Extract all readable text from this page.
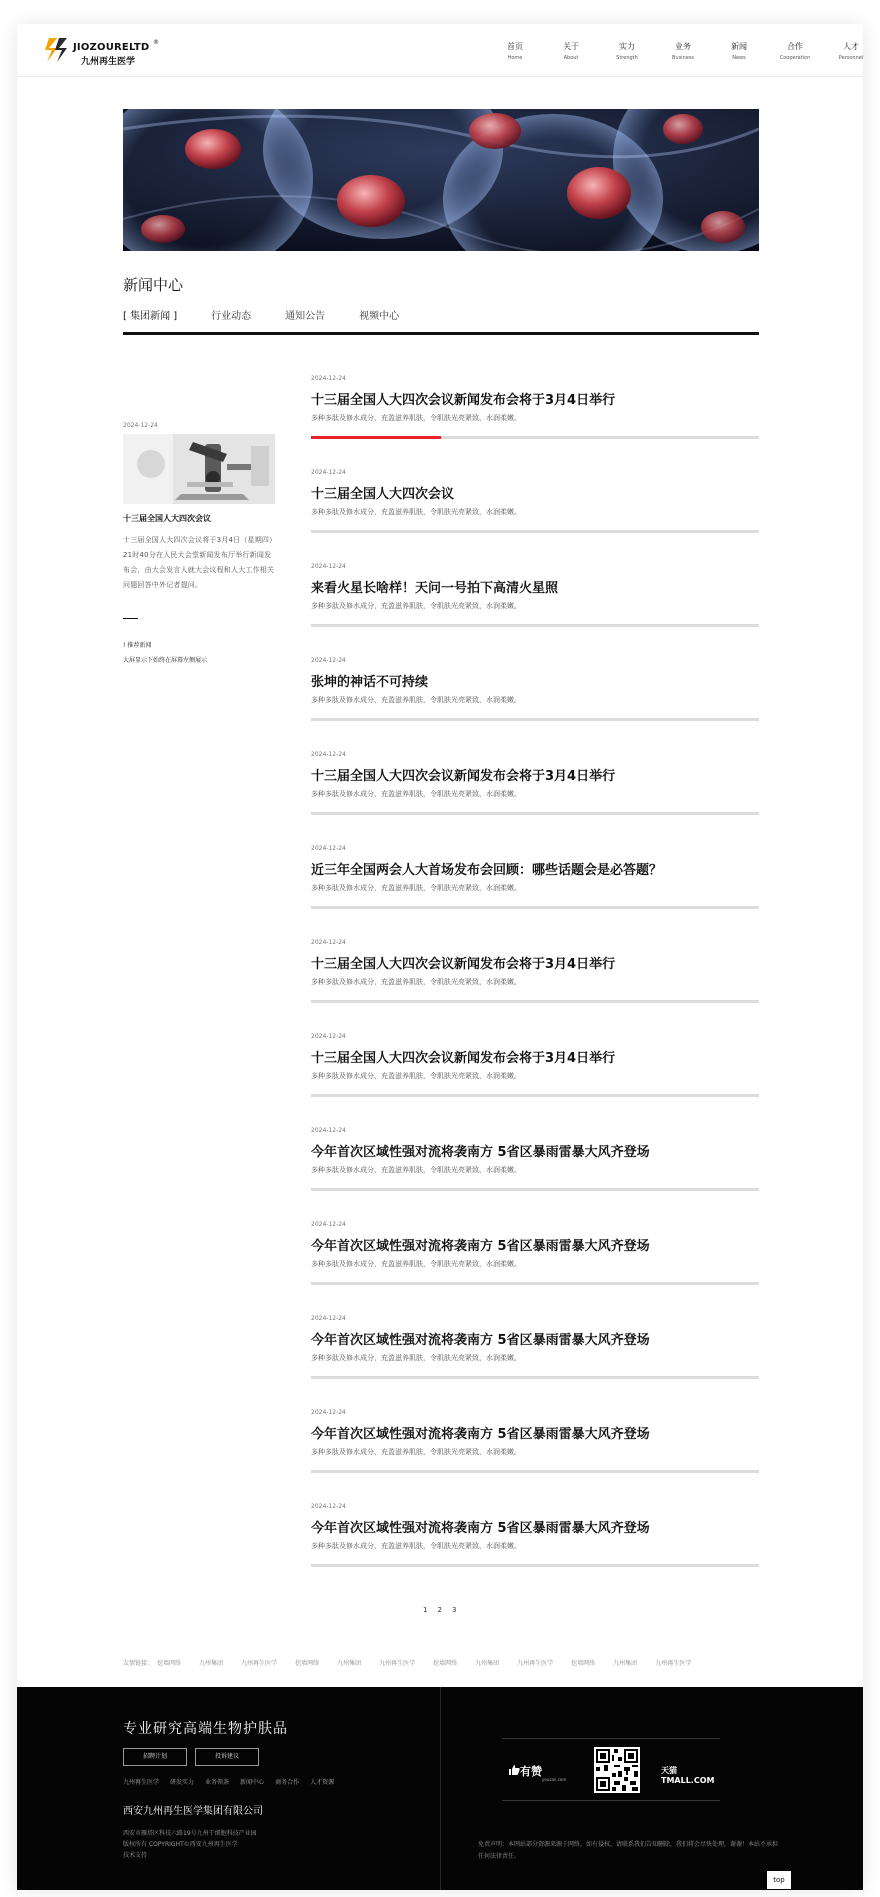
JIOZOURELTD ®
九州再生医学
首页
Home
关于
About
实力
Strength
业务
Business
新闻
News
合作
Cooperation
人才
Personnel
新闻中心
[ 集团新闻 ]	行业动态	通知公告	视频中心
2024-12-24
十三届全国人大四次会议
十三届全国人大四次会议将于3月4日（星期四）21时40分在人民大会堂新闻发布厅举行新闻发布会，由大会发言人就大会议程和人大工作相关问题回答中外记者提问。
! 推荐新闻
大屏显示下始终在屏幕左侧展示
2024-12-24
十三届全国人大四次会议新闻发布会将于3月4日举行
多种多肽及修水成分，充盈滋养肌肤，令肌肤光亮紧致，水润柔嫩。
2024-12-24
十三届全国人大四次会议
多种多肽及修水成分，充盈滋养肌肤，令肌肤光亮紧致，水润柔嫩。
2024-12-24
来看火星长啥样！天问一号拍下高清火星照
多种多肽及修水成分，充盈滋养肌肤，令肌肤光亮紧致，水润柔嫩。
2024-12-24
张坤的神话不可持续
多种多肽及修水成分，充盈滋养肌肤，令肌肤光亮紧致，水润柔嫩。
2024-12-24
十三届全国人大四次会议新闻发布会将于3月4日举行
多种多肽及修水成分，充盈滋养肌肤，令肌肤光亮紧致，水润柔嫩。
2024-12-24
近三年全国两会人大首场发布会回顾：哪些话题会是必答题？
多种多肽及修水成分，充盈滋养肌肤，令肌肤光亮紧致，水润柔嫩。
2024-12-24
十三届全国人大四次会议新闻发布会将于3月4日举行
多种多肽及修水成分，充盈滋养肌肤，令肌肤光亮紧致，水润柔嫩。
2024-12-24
十三届全国人大四次会议新闻发布会将于3月4日举行
多种多肽及修水成分，充盈滋养肌肤，令肌肤光亮紧致，水润柔嫩。
2024-12-24
今年首次区域性强对流将袭南方 5省区暴雨雷暴大风齐登场
多种多肽及修水成分，充盈滋养肌肤，令肌肤光亮紧致，水润柔嫩。
2024-12-24
今年首次区域性强对流将袭南方 5省区暴雨雷暴大风齐登场
多种多肽及修水成分，充盈滋养肌肤，令肌肤光亮紧致，水润柔嫩。
2024-12-24
今年首次区域性强对流将袭南方 5省区暴雨雷暴大风齐登场
多种多肽及修水成分，充盈滋养肌肤，令肌肤光亮紧致，水润柔嫩。
2024-12-24
今年首次区域性强对流将袭南方 5省区暴雨雷暴大风齐登场
多种多肽及修水成分，充盈滋养肌肤，令肌肤光亮紧致，水润柔嫩。
2024-12-24
今年首次区域性强对流将袭南方 5省区暴雨雷暴大风齐登场
多种多肽及修水成分，充盈滋养肌肤，令肌肤光亮紧致，水润柔嫩。
1 2 3
友情链接： 挖墙网络	九州集团	九州再生医学	挖墙网络	九州集团	九州再生医学	挖墙网络	九州集团	九州再生医学	挖墙网络	九州集团	九州再生医学
专业研究高端生物护肤品
招聘计划	投诉建议
九州再生医学 研发实力 业务领条 新闻中心 商务合作 人才资源
西安九州再生医学集团有限公司
西安市雁塔区科技六路19号九州干细胞科技产业园
版权所有 COPYRIGHT©西安九州再生医学
技术支持
有赞
youzan.com
天猫 TMALL.COM
免责声明：本网站部分资源来源于网络，如有侵权，请联系我们告知删除，我们将会尽快处理，谢谢！本站不承担任何法律责任。
top
